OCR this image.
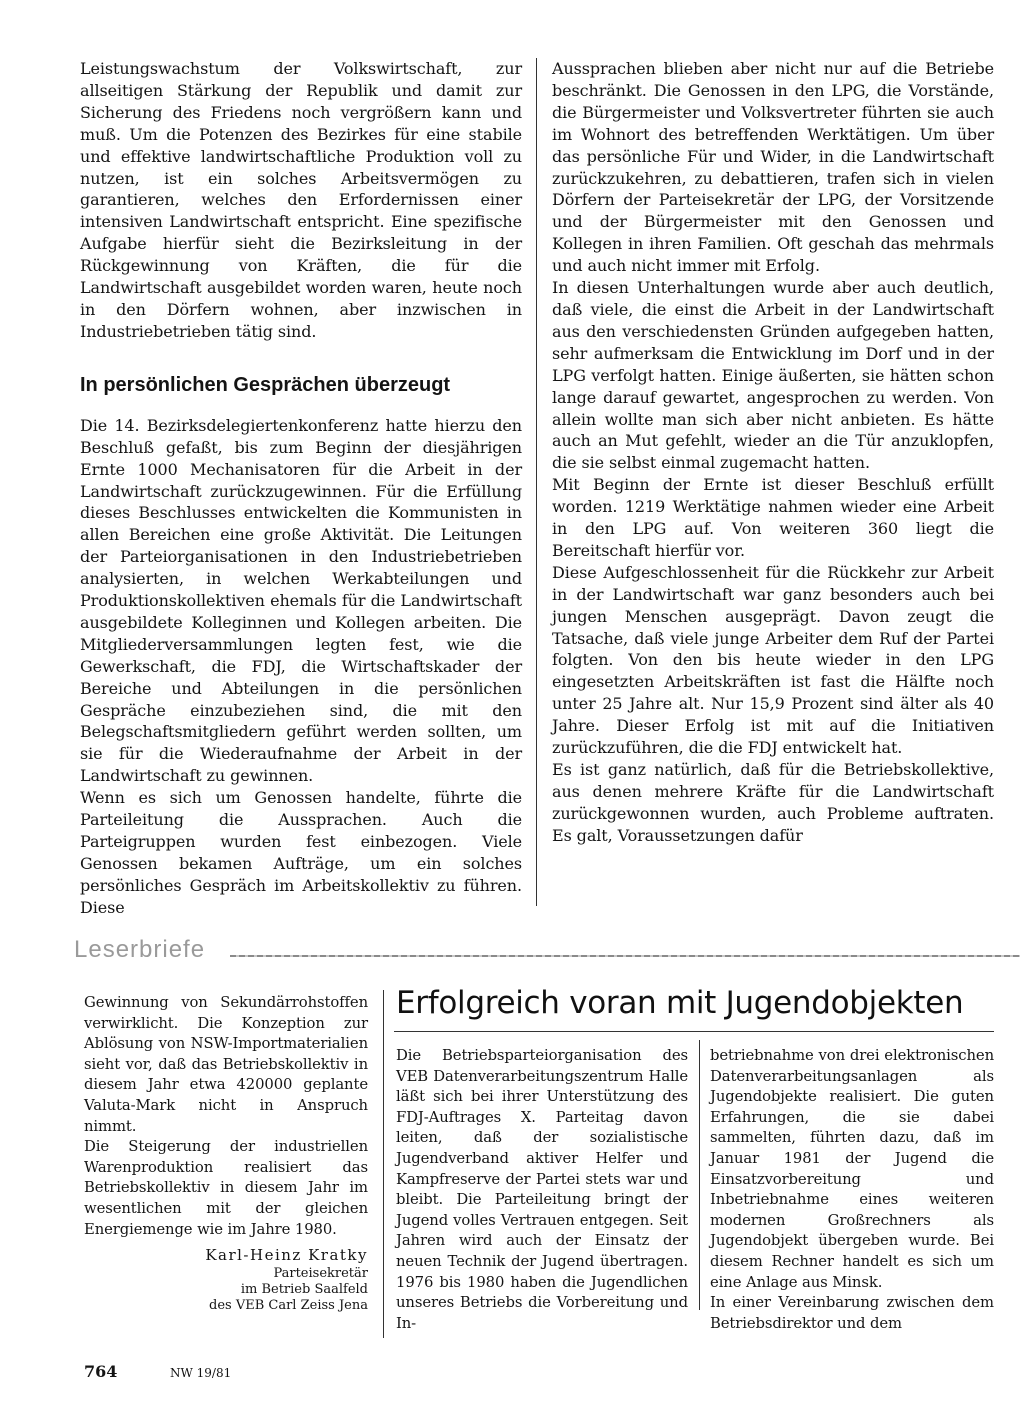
Leistungswachstum der Volkswirtschaft, zur allseitigen Stärkung der Republik und damit zur Sicherung des Friedens noch vergrößern kann und muß. Um die Potenzen des Bezirkes für eine stabile und effektive landwirtschaftliche Produktion voll zu nutzen, ist ein solches Arbeitsvermögen zu garantieren, welches den Erfordernissen einer intensiven Landwirtschaft entspricht. Eine spezifische Aufgabe hierfür sieht die Bezirksleitung in der Rückgewinnung von Kräften, die für die Landwirtschaft ausgebildet worden waren, heute noch in den Dörfern wohnen, aber inzwischen in Industriebetrieben tätig sind.

In persönlichen Gesprächen überzeugt

Die 14. Bezirksdelegiertenkonferenz hatte hierzu den Beschluß gefaßt, bis zum Beginn der diesjährigen Ernte 1000 Mechanisatoren für die Arbeit in der Landwirtschaft zurückzugewinnen. Für die Erfüllung dieses Beschlusses entwickelten die Kommunisten in allen Bereichen eine große Aktivität. Die Leitungen der Parteiorganisationen in den Industriebetrieben analysierten, in welchen Werkabteilungen und Produktionskollektiven ehemals für die Landwirtschaft ausgebildete Kolleginnen und Kollegen arbeiten. Die Mitgliederversammlungen legten fest, wie die Gewerkschaft, die FDJ, die Wirtschaftskader der Bereiche und Abteilungen in die persönlichen Gespräche einzubeziehen sind, die mit den Belegschaftsmitgliedern geführt werden sollten, um sie für die Wiederaufnahme der Arbeit in der Landwirtschaft zu gewinnen.

Wenn es sich um Genossen handelte, führte die Parteileitung die Aussprachen. Auch die Parteigruppen wurden fest einbezogen. Viele Genossen bekamen Aufträge, um ein solches persönliches Gespräch im Arbeitskollektiv zu führen. Diese

Aussprachen blieben aber nicht nur auf die Betriebe beschränkt. Die Genossen in den LPG, die Vorstände, die Bürgermeister und Volksvertreter führten sie auch im Wohnort des betreffenden Werktätigen. Um über das persönliche Für und Wider, in die Landwirtschaft zurückzukehren, zu debattieren, trafen sich in vielen Dörfern der Parteisekretär der LPG, der Vorsitzende und der Bürgermeister mit den Genossen und Kollegen in ihren Familien. Oft geschah das mehrmals und auch nicht immer mit Erfolg.

In diesen Unterhaltungen wurde aber auch deutlich, daß viele, die einst die Arbeit in der Landwirtschaft aus den verschiedensten Gründen aufgegeben hatten, sehr aufmerksam die Entwicklung im Dorf und in der LPG verfolgt hatten. Einige äußerten, sie hätten schon lange darauf gewartet, angesprochen zu werden. Von allein wollte man sich aber nicht anbieten. Es hätte auch an Mut gefehlt, wieder an die Tür anzuklopfen, die sie selbst einmal zugemacht hatten.

Mit Beginn der Ernte ist dieser Beschluß erfüllt worden. 1219 Werktätige nahmen wieder eine Arbeit in den LPG auf. Von weiteren 360 liegt die Bereitschaft hierfür vor.

Diese Aufgeschlossenheit für die Rückkehr zur Arbeit in der Landwirtschaft war ganz besonders auch bei jungen Menschen ausgeprägt. Davon zeugt die Tatsache, daß viele junge Arbeiter dem Ruf der Partei folgten. Von den bis heute wieder in den LPG eingesetzten Arbeitskräften ist fast die Hälfte noch unter 25 Jahre alt. Nur 15,9 Prozent sind älter als 40 Jahre. Dieser Erfolg ist mit auf die Initiativen zurückzuführen, die die FDJ entwickelt hat.

Es ist ganz natürlich, daß für die Betriebskollektive, aus denen mehrere Kräfte für die Landwirtschaft zurückgewonnen wurden, auch Probleme auftraten. Es galt, Voraussetzungen dafür

Leserbriefe

Gewinnung von Sekundärrohstoffen verwirklicht. Die Konzeption zur Ablösung von NSW-Importmaterialien sieht vor, daß das Betriebskollektiv in diesem Jahr etwa 420000 geplante Valuta-Mark nicht in Anspruch nimmt.

Die Steigerung der industriellen Warenproduktion realisiert das Betriebskollektiv in diesem Jahr im wesentlichen mit der gleichen Energiemenge wie im Jahre 1980.

Karl-Heinz Kratky
Parteisekretär
im Betrieb Saalfeld
des VEB Carl Zeiss Jena
Erfolgreich voran mit Jugendobjekten

Die Betriebsparteiorganisation des VEB Datenverarbeitungszentrum Halle läßt sich bei ihrer Unterstützung des FDJ-Auftrages X. Parteitag davon leiten, daß der sozialistische Jugendverband aktiver Helfer und Kampfreserve der Partei stets war und bleibt. Die Parteileitung bringt der Jugend volles Vertrauen entgegen. Seit Jahren wird auch der Einsatz der neuen Technik der Jugend übertragen. 1976 bis 1980 haben die Jugendlichen unseres Betriebs die Vorbereitung und In-

betriebnahme von drei elektronischen Datenverarbeitungsanlagen als Jugendobjekte realisiert. Die guten Erfahrungen, die sie dabei sammelten, führten dazu, daß im Januar 1981 der Jugend die Einsatzvorbereitung und Inbetriebnahme eines weiteren modernen Großrechners als Jugendobjekt übergeben wurde. Bei diesem Rechner handelt es sich um eine Anlage aus Minsk.

In einer Vereinbarung zwischen dem Betriebsdirektor und dem

764	NW 19/81
